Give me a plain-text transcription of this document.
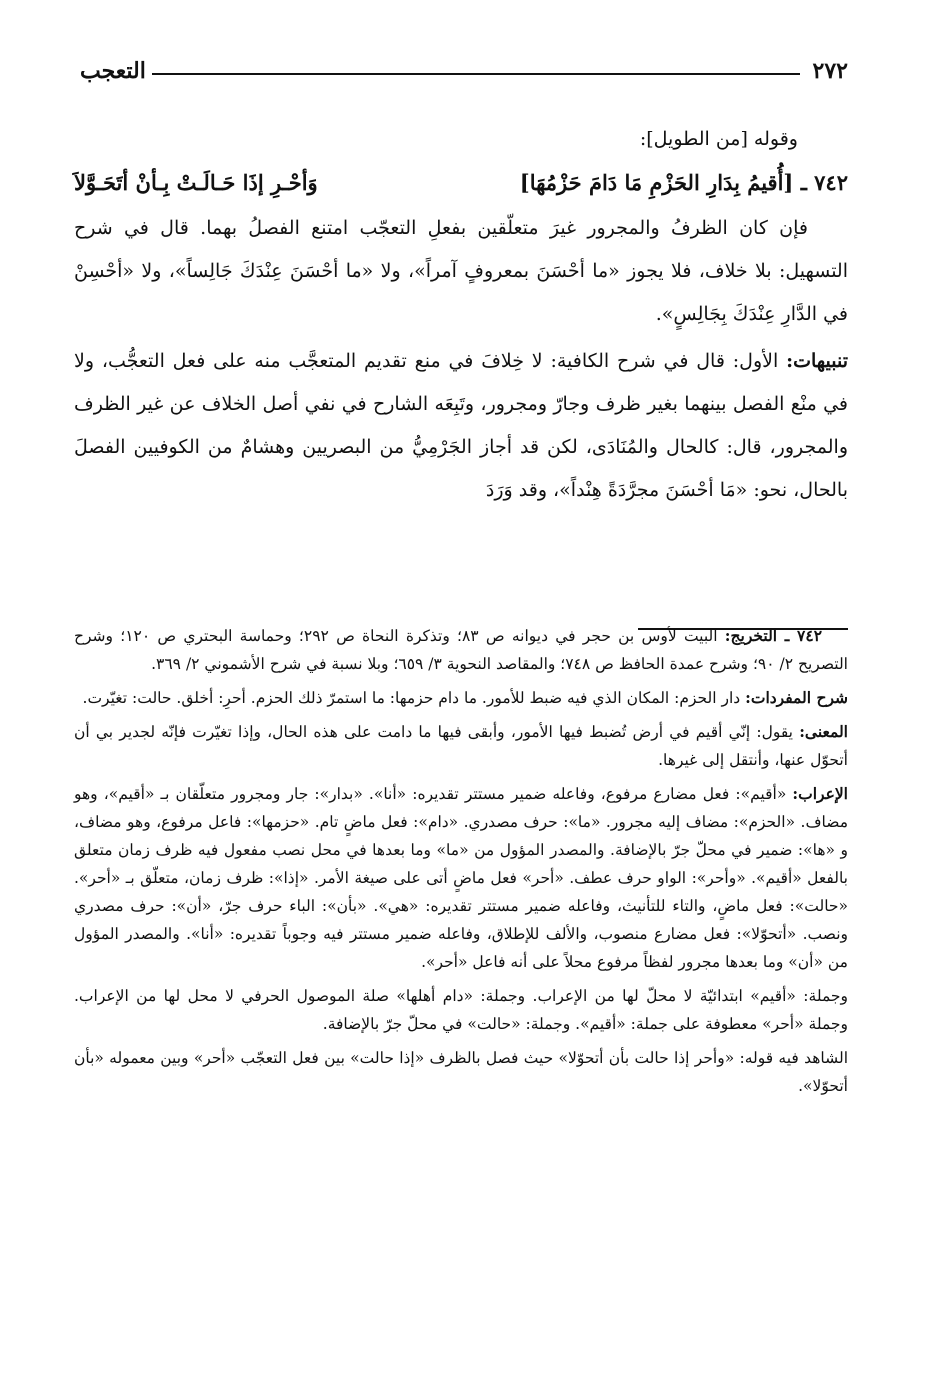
٢٧٢
التعجب

وقوله [من الطويل]:

٧٤٢ ـ [أُقيمُ بِدَارِ الحَزْمِ مَا دَامَ حَزْمُهَا]
وَأحْـرِ إذَا حَـالَـتْ بِـأنْ أتَحَـوَّلاَ

فإن كان الظرفُ والمجرور غيرَ متعلّقين بفعلِ التعجّب امتنع الفصلُ بهما. قال في شرح التسهيل: بلا خلاف، فلا يجوز «ما أحْسَنَ بمعروفٍ آمراً»، ولا «ما أحْسَنَ عِنْدَكَ جَالِساً»، ولا «أحْسِنْ في الدَّارِ عِنْدَكَ بِجَالِسٍ».

تنبيهات: الأول: قال في شرح الكافية: لا خِلافَ في منع تقديم المتعجَّب منه على فعل التعجُّب، ولا في منْع الفصل بينهما بغير ظرف وجارّ ومجرور، وتَبِعَه الشارح في نفي أصل الخلاف عن غير الظرف والمجرور، قال: كالحال والمُنَادَى، لكن قد أجاز الجَرْمِيُّ من البصريين وهشامٌ من الكوفيين الفصلَ بالحال، نحو: «مَا أحْسَنَ مجرَّدَةً هِنْداً»، وقد وَرَدَ

٧٤٢ ـ التخريج: البيت لأوس بن حجر في ديوانه ص ٨٣؛ وتذكرة النحاة ص ٢٩٢؛ وحماسة البحتري ص ١٢٠؛ وشرح التصريح ٢/ ٩٠؛ وشرح عمدة الحافظ ص ٧٤٨؛ والمقاصد النحوية ٣/ ٦٥٩؛ وبلا نسبة في شرح الأشموني ٢/ ٣٦٩.

شرح المفردات: دار الحزم: المكان الذي فيه ضبط للأمور. ما دام حزمها: ما استمرّ ذلك الحزم. أحرِ: أخلق. حالت: تغيّرت.

المعنى: يقول: إنّي أقيم في أرض تُضبط فيها الأمور، وأبقى فيها ما دامت على هذه الحال، وإذا تغيّرت فإنّه لجدير بي أن أتحوّل عنها، وأنتقل إلى غيرها.

الإعراب: «أقيم»: فعل مضارع مرفوع، وفاعله ضمير مستتر تقديره: «أنا». «بدار»: جار ومجرور متعلّقان بـ «أقيم»، وهو مضاف. «الحزم»: مضاف إليه مجرور. «ما»: حرف مصدري. «دام»: فعل ماضٍ تام. «حزمها»: فاعل مرفوع، وهو مضاف، و «ها»: ضمير في محلّ جرّ بالإضافة. والمصدر المؤول من «ما» وما بعدها في محل نصب مفعول فيه ظرف زمان متعلق بالفعل «أقيم». «وأحر»: الواو حرف عطف. «أحر» فعل ماضٍ أتى على صيغة الأمر. «إذا»: ظرف زمان، متعلّق بـ «أحر». «حالت»: فعل ماضٍ، والتاء للتأنيث، وفاعله ضمير مستتر تقديره: «هي». «بأن»: الباء حرف جرّ، «أن»: حرف مصدري ونصب. «أتحوّلا»: فعل مضارع منصوب، والألف للإطلاق، وفاعله ضمير مستتر فيه وجوباً تقديره: «أنا». والمصدر المؤول من «أن» وما بعدها مجرور لفظاً مرفوع محلاً على أنه فاعل «أحر».

وجملة: «أقيم» ابتدائيّة لا محلّ لها من الإعراب. وجملة: «دام أهلها» صلة الموصول الحرفي لا محل لها من الإعراب. وجملة «أحر» معطوفة على جملة: «أقيم». وجملة: «حالت» في محلّ جرّ بالإضافة.

الشاهد فيه قوله: «وأحر إذا حالت بأن أتحوّلا» حيث فصل بالظرف «إذا حالت» بين فعل التعجّب «أحر» وبين معموله «بأن أتحوّلا».
